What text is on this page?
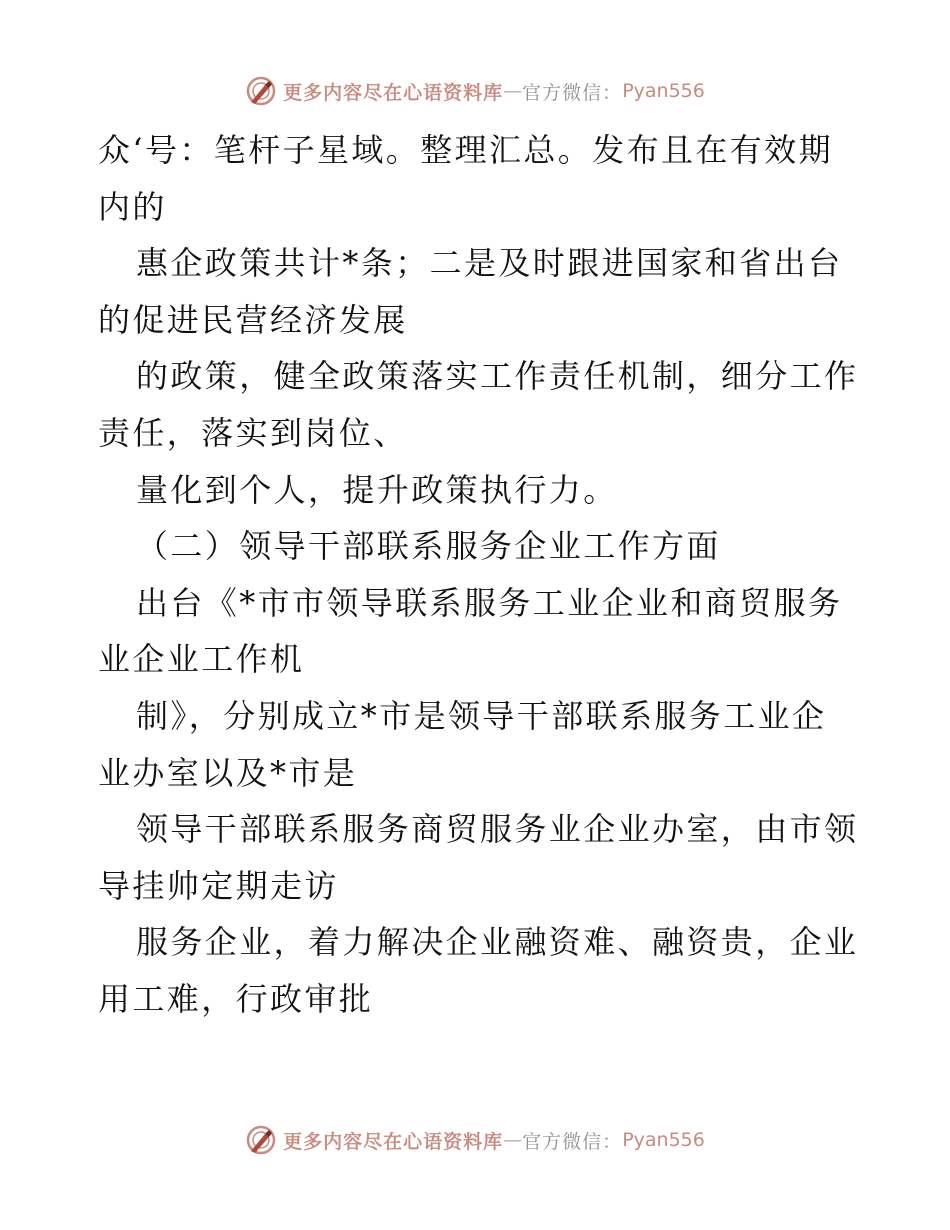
更多内容尽在心语资料库 — 官方微信： Pyan556
众‘号：笔杆子星域。整理汇总。发布且在有效期
内的
惠企政策共计*条；二是及时跟进国家和省出台
的促进民营经济发展
的政策，健全政策落实工作责任机制，细分工作
责任，落实到岗位、
量化到个人，提升政策执行力。
（二）领导干部联系服务企业工作方面
出台《*市市领导联系服务工业企业和商贸服务
业企业工作机
制》，分别成立*市是领导干部联系服务工业企
业办室以及*市是
领导干部联系服务商贸服务业企业办室，由市领
导挂帅定期走访
服务企业，着力解决企业融资难、融资贵，企业
用工难，行政审批
更多内容尽在心语资料库 — 官方微信： Pyan556
